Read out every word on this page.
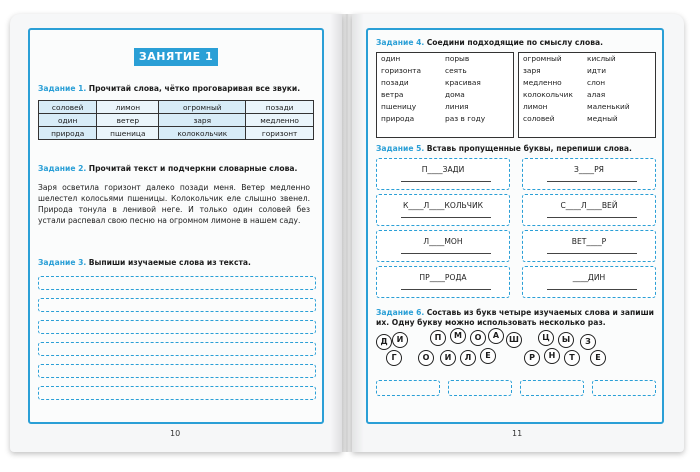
ЗАНЯТИЕ 1
Задание 1. Прочитай слова, чётко проговаривая все звуки.
соловей	лимон	огромный	позади
один	ветер	заря	медленно
природа	пшеница	колокольчик	горизонт
Задание 2. Прочитай текст и подчеркни словарные слова.
Заря осветила горизонт далеко позади меня. Ветер медленно шелестел колосьями пшеницы. Колокольчик еле слышно звенел. Природа тонула в ленивой неге. И только один соловей без устали распевал свою песню на огромном лимоне в нашем саду.
Задание 3. Выпиши изучаемые слова из текста.
10
Задание 4. Соедини подходящие по смыслу слова.
один	порыв
горизонта	сеять
позади	красивая
ветра	дома
пшеницу	линия
природа	раз в году
огромный	кислый
заря	идти
медленно	слон
колокольчик	алая
лимон	маленький
соловей	медный
Задание 5. Вставь пропущенные буквы, перепиши слова.
П____ЗАДИ	З____РЯ
К____Л____КОЛЬЧИК	С____Л____ВЕЙ
Л____МОН	ВЕТ____Р
ПР____РОДА	____ДИН
Задание 6. Составь из букв четыре изучаемых слова и запиши их. Одну букву можно использовать несколько раз.
Д	И	П	М	О	А	Ш	Ц	Ы	З
Г	О	И	Л	Е	Р	Н	Т	Е
11
